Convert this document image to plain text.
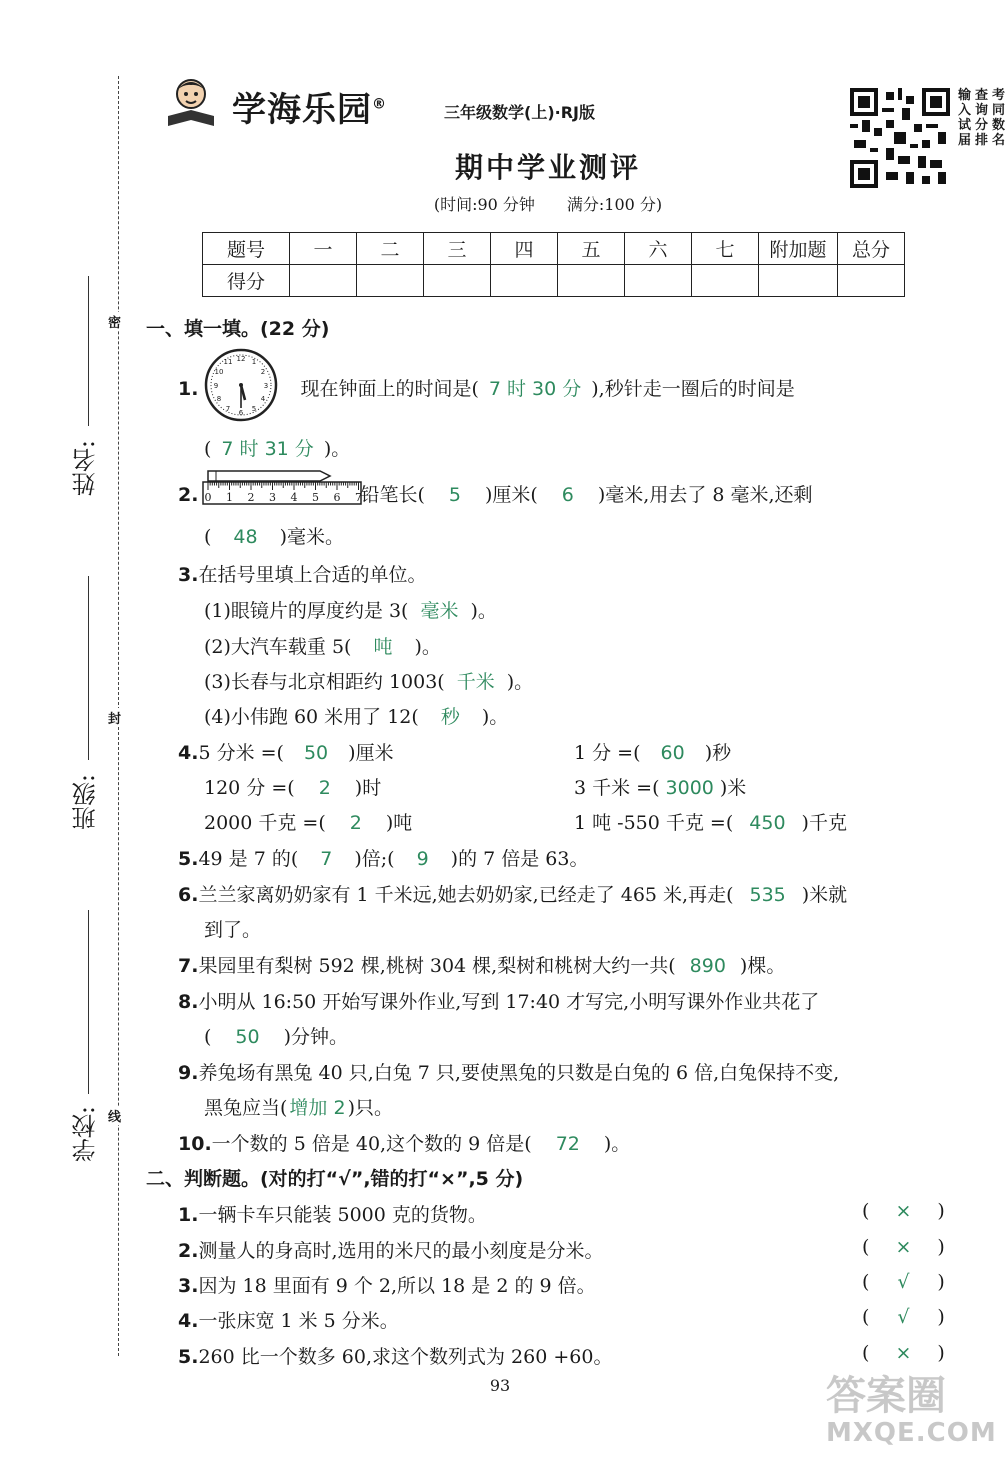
学海乐园®	三年级数学(上)·RJ版
输入
查询
考同
试届
分排
数名
期中学业测评
(时间:90 分钟　　满分:100 分)
题号	一	二	三	四	五	六	七	附加题	总分
得分									
密
封
线
姓名:
班级:
学校:
一、填一填。(22 分)
12 1
2
3
4
5
6
7
8
9
10
11
1.	现在钟面上的时间是( 7 时 30 分 ),秒针走一圈后的时间是
( 7 时 31 分 )。
0 1 2 3 4 5 6 7
2.	铅笔长( 5 )厘米( 6 )毫米,用去了 8 毫米,还剩
( 48 )毫米。
3.在括号里填上合适的单位。
(1)眼镜片的厚度约是 3( 毫米 )。
(2)大汽车载重 5( 吨 )。
(3)长春与北京相距约 1003( 千米 )。
(4)小伟跑 60 米用了 12( 秒 )。
4.5 分米 =( 50 )厘米	1 分 =( 60 )秒
120 分 =( 2 )时	3 千米 =( 3000 )米
2000 千克 =( 2 )吨	1 吨 -550 千克 =( 450 )千克
5.49 是 7 的( 7 )倍;( 9 )的 7 倍是 63。
6.兰兰家离奶奶家有 1 千米远,她去奶奶家,已经走了 465 米,再走( 535 )米就
到了。
7.果园里有梨树 592 棵,桃树 304 棵,梨树和桃树大约一共( 890 )棵。
8.小明从 16:50 开始写课外作业,写到 17:40 才写完,小明写课外作业共花了
( 50 )分钟。
9.养兔场有黑兔 40 只,白兔 7 只,要使黑兔的只数是白兔的 6 倍,白兔保持不变,
黑兔应当( 增加 2 )只。
10.一个数的 5 倍是 40,这个数的 9 倍是( 72 )。
二、判断题。(对的打“√”,错的打“×”,5 分)
1.一辆卡车只能装 5000 克的货物。	( × )
2.测量人的身高时,选用的米尺的最小刻度是分米。	( × )
3.因为 18 里面有 9 个 2,所以 18 是 2 的 9 倍。	( √ )
4.一张床宽 1 米 5 分米。	( √ )
5.260 比一个数多 60,求这个数列式为 260 +60。	( × )
93	答案圈
MXQE.COM
